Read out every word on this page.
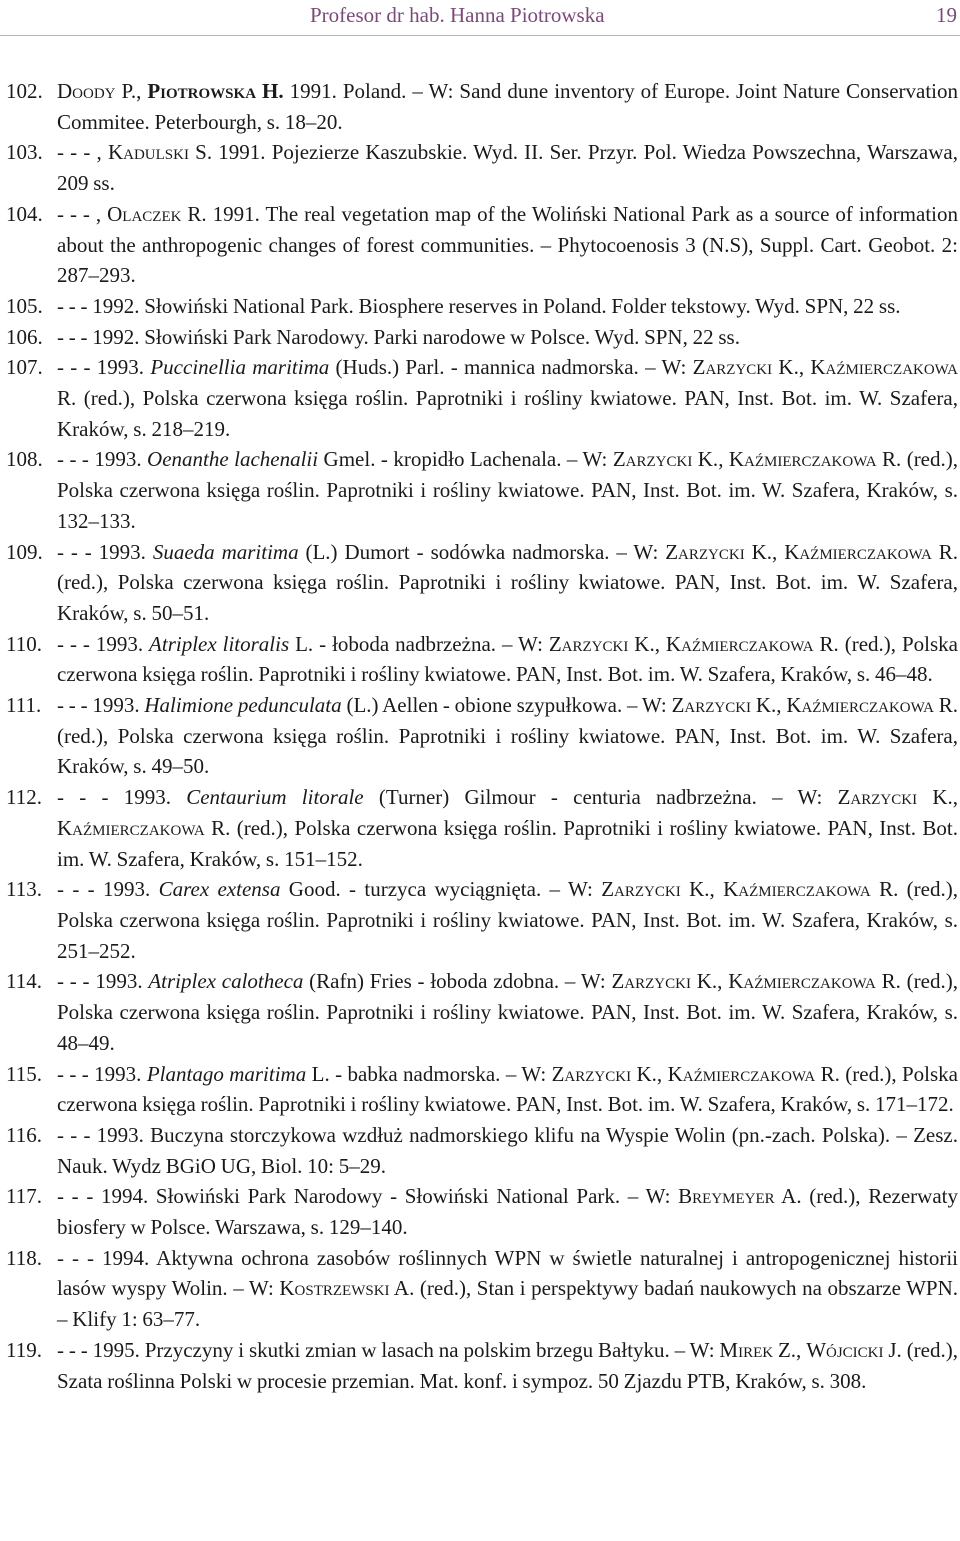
Profesor dr hab. Hanna Piotrowska	19
102. Doody P., Piotrowska H. 1991. Poland. – W: Sand dune inventory of Europe. Joint Nature Conservation Commitee. Peterbourgh, s. 18–20.
103. - - - , Kadulski S. 1991. Pojezierze Kaszubskie. Wyd. II. Ser. Przyr. Pol. Wiedza Powszechna, Warszawa, 209 ss.
104. - - - , Olaczek R. 1991. The real vegetation map of the Woliński National Park as a source of information about the anthropogenic changes of forest communities. – Phytocoenosis 3 (N.S), Suppl. Cart. Geobot. 2: 287–293.
105. - - - 1992. Słowiński National Park. Biosphere reserves in Poland. Folder tekstowy. Wyd. SPN, 22 ss.
106. - - - 1992. Słowiński Park Narodowy. Parki narodowe w Polsce. Wyd. SPN, 22 ss.
107. - - - 1993. Puccinellia maritima (Huds.) Parl. - mannica nadmorska. – W: Zarzycki K., Kaźmierczakowa R. (red.), Polska czerwona księga roślin. Paprotniki i rośliny kwiatowe. PAN, Inst. Bot. im. W. Szafera, Kraków, s. 218–219.
108. - - - 1993. Oenanthe lachenalii Gmel. - kropidło Lachenala. – W: Zarzycki K., Kaźmierczakowa R. (red.), Polska czerwona księga roślin. Paprotniki i rośliny kwiatowe. PAN, Inst. Bot. im. W. Szafera, Kraków, s. 132–133.
109. - - - 1993. Suaeda maritima (L.) Dumort - sodówka nadmorska. – W: Zarzycki K., Kaźmierczakowa R. (red.), Polska czerwona księga roślin. Paprotniki i rośliny kwiatowe. PAN, Inst. Bot. im. W. Szafera, Kraków, s. 50–51.
110. - - - 1993. Atriplex litoralis L. - łoboda nadbrzeżna. – W: Zarzycki K., Kaźmierczakowa R. (red.), Polska czerwona księga roślin. Paprotniki i rośliny kwiatowe. PAN, Inst. Bot. im. W. Szafera, Kraków, s. 46–48.
111. - - - 1993. Halimione pedunculata (L.) Aellen - obione szypułkowa. – W: Zarzycki K., Kaźmierczakowa R. (red.), Polska czerwona księga roślin. Paprotniki i rośliny kwiatowe. PAN, Inst. Bot. im. W. Szafera, Kraków, s. 49–50.
112. - - - 1993. Centaurium litorale (Turner) Gilmour - centuria nadbrzeżna. – W: Zarzycki K., Kaźmierczakowa R. (red.), Polska czerwona księga roślin. Paprotniki i rośliny kwiatowe. PAN, Inst. Bot. im. W. Szafera, Kraków, s. 151–152.
113. - - - 1993. Carex extensa Good. - turzyca wyciągnięta. – W: Zarzycki K., Kaźmierczakowa R. (red.), Polska czerwona księga roślin. Paprotniki i rośliny kwiatowe. PAN, Inst. Bot. im. W. Szafera, Kraków, s. 251–252.
114. - - - 1993. Atriplex calotheca (Rafn) Fries - łoboda zdobna. – W: Zarzycki K., Kaźmierczakowa R. (red.), Polska czerwona księga roślin. Paprotniki i rośliny kwiatowe. PAN, Inst. Bot. im. W. Szafera, Kraków, s. 48–49.
115. - - - 1993. Plantago maritima L. - babka nadmorska. – W: Zarzycki K., Kaźmierczakowa R. (red.), Polska czerwona księga roślin. Paprotniki i rośliny kwiatowe. PAN, Inst. Bot. im. W. Szafera, Kraków, s. 171–172.
116. - - - 1993. Buczyna storczykowa wzdłuż nadmorskiego klifu na Wyspie Wolin (pn.-zach. Polska). – Zesz. Nauk. Wydz BGiO UG, Biol. 10: 5–29.
117. - - - 1994. Słowiński Park Narodowy - Słowiński National Park. – W: Breymeyer A. (red.), Rezerwaty biosfery w Polsce. Warszawa, s. 129–140.
118. - - - 1994. Aktywna ochrona zasobów roślinnych WPN w świetle naturalnej i antropogenicznej historii lasów wyspy Wolin. – W: Kostrzewski A. (red.), Stan i perspektywy badań naukowych na obszarze WPN. – Klify 1: 63–77.
119. - - - 1995. Przyczyny i skutki zmian w lasach na polskim brzegu Bałtyku. – W: Mirek Z., Wójcicki J. (red.), Szata roślinna Polski w procesie przemian. Mat. konf. i sympoz. 50 Zjazdu PTB, Kraków, s. 308.
